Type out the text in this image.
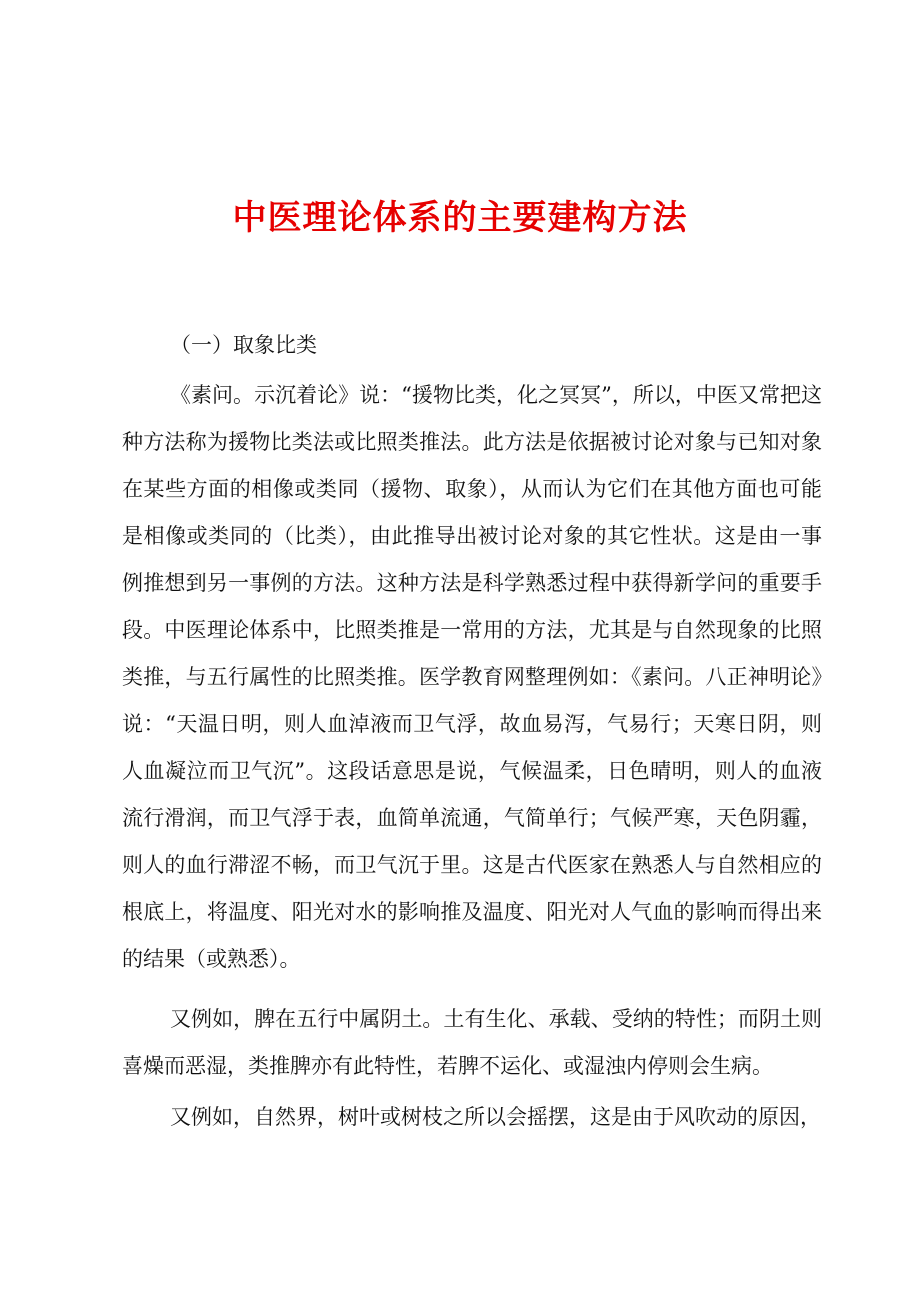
中医理论体系的主要建构方法
（一）取象比类

《素问。示沉着论》说：“援物比类，化之冥冥”，所以，中医又常把这种方法称为援物比类法或比照类推法。此方法是依据被讨论对象与已知对象在某些方面的相像或类同（援物、取象），从而认为它们在其他方面也可能是相像或类同的（比类），由此推导出被讨论对象的其它性状。这是由一事例推想到另一事例的方法。这种方法是科学熟悉过程中获得新学问的重要手段。中医理论体系中，比照类推是一常用的方法，尤其是与自然现象的比照类推，与五行属性的比照类推。医学教育网整理例如：《素问。八正神明论》说：“天温日明，则人血淖液而卫气浮，故血易泻，气易行；天寒日阴，则人血凝泣而卫气沉”。这段话意思是说，气候温柔，日色晴明，则人的血液流行滑润，而卫气浮于表，血简单流通，气简单行；气候严寒，天色阴霾，则人的血行滞涩不畅，而卫气沉于里。这是古代医家在熟悉人与自然相应的根底上，将温度、阳光对水的影响推及温度、阳光对人气血的影响而得出来的结果（或熟悉）。

又例如，脾在五行中属阴土。土有生化、承载、受纳的特性；而阴土则喜燥而恶湿，类推脾亦有此特性，若脾不运化、或湿浊内停则会生病。

又例如，自然界，树叶或树枝之所以会摇摆，这是由于风吹动的原因，
